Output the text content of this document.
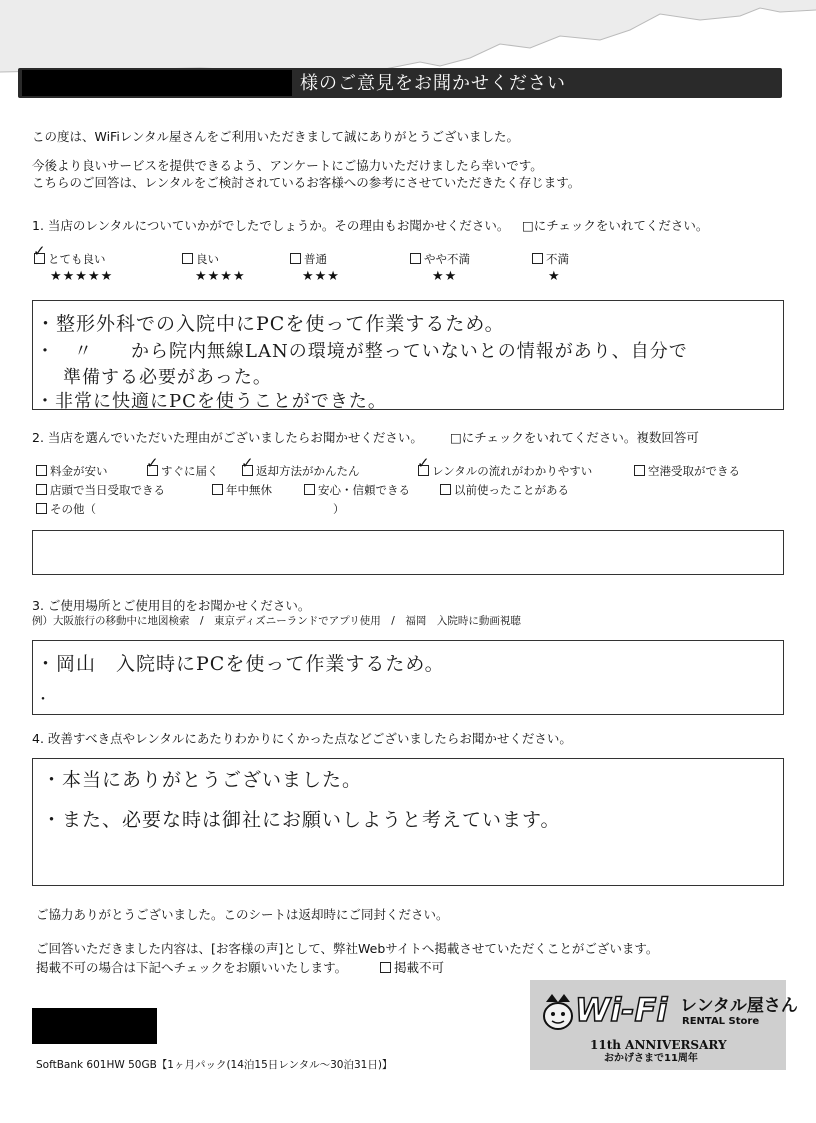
様のご意見をお聞かせください
この度は、WiFiレンタル屋さんをご利用いただきまして誠にありがとうございました。
今後より良いサービスを提供できるよう、アンケートにご協力いただけましたら幸いです。
こちらのご回答は、レンタルをご検討されているお客様への参考にさせていただきたく存じます。
1. 当店のレンタルについていかがでしたでしょうか。その理由もお聞かせください。 □にチェックをいれてください。
✓ とても良い
★★★★★
良い
★★★★
普通
★★★
やや不満
★★
不満
★
・整形外科での入院中にPCを使って作業するため。
・　〃　　から院内無線LANの環境が整っていないとの情報があり、自分で
　準備する必要があった。
・非常に快適にPCを使うことができた。
2. 当店を選んでいただいた理由がございましたらお聞かせください。 □にチェックをいれてください。複数回答可
料金が安い	✓ すぐに届く ✓ 返却方法がかんたん	✓ レンタルの流れがわかりやすい	空港受取ができる
店頭で当日受取できる	年中無休	安心・信頼できる	以前使ったことがある
その他（	）
3. ご使用場所とご使用目的をお聞かせください。
例）大阪旅行の移動中に地図検索　/　東京ディズニーランドでアプリ使用　/　福岡　入院時に動画視聴
・岡山　入院時にPCを使って作業するため。
・
4. 改善すべき点やレンタルにあたりわかりにくかった点などございましたらお聞かせください。
・本当にありがとうございました。
・また、必要な時は御社にお願いしようと考えています。
ご協力ありがとうございました。このシートは返却時にご同封ください。
ご回答いただきました内容は、[お客様の声]として、弊社Webサイトへ掲載させていただくことがございます。
掲載不可の場合は下記へチェックをお願いいたします。	掲載不可
SoftBank 601HW 50GB【1ヶ月パック(14泊15日レンタル～30泊31日)】
Wi-Fi レンタル屋さん
RENTAL Store
11th ANNIVERSARY
おかげさまで11周年
